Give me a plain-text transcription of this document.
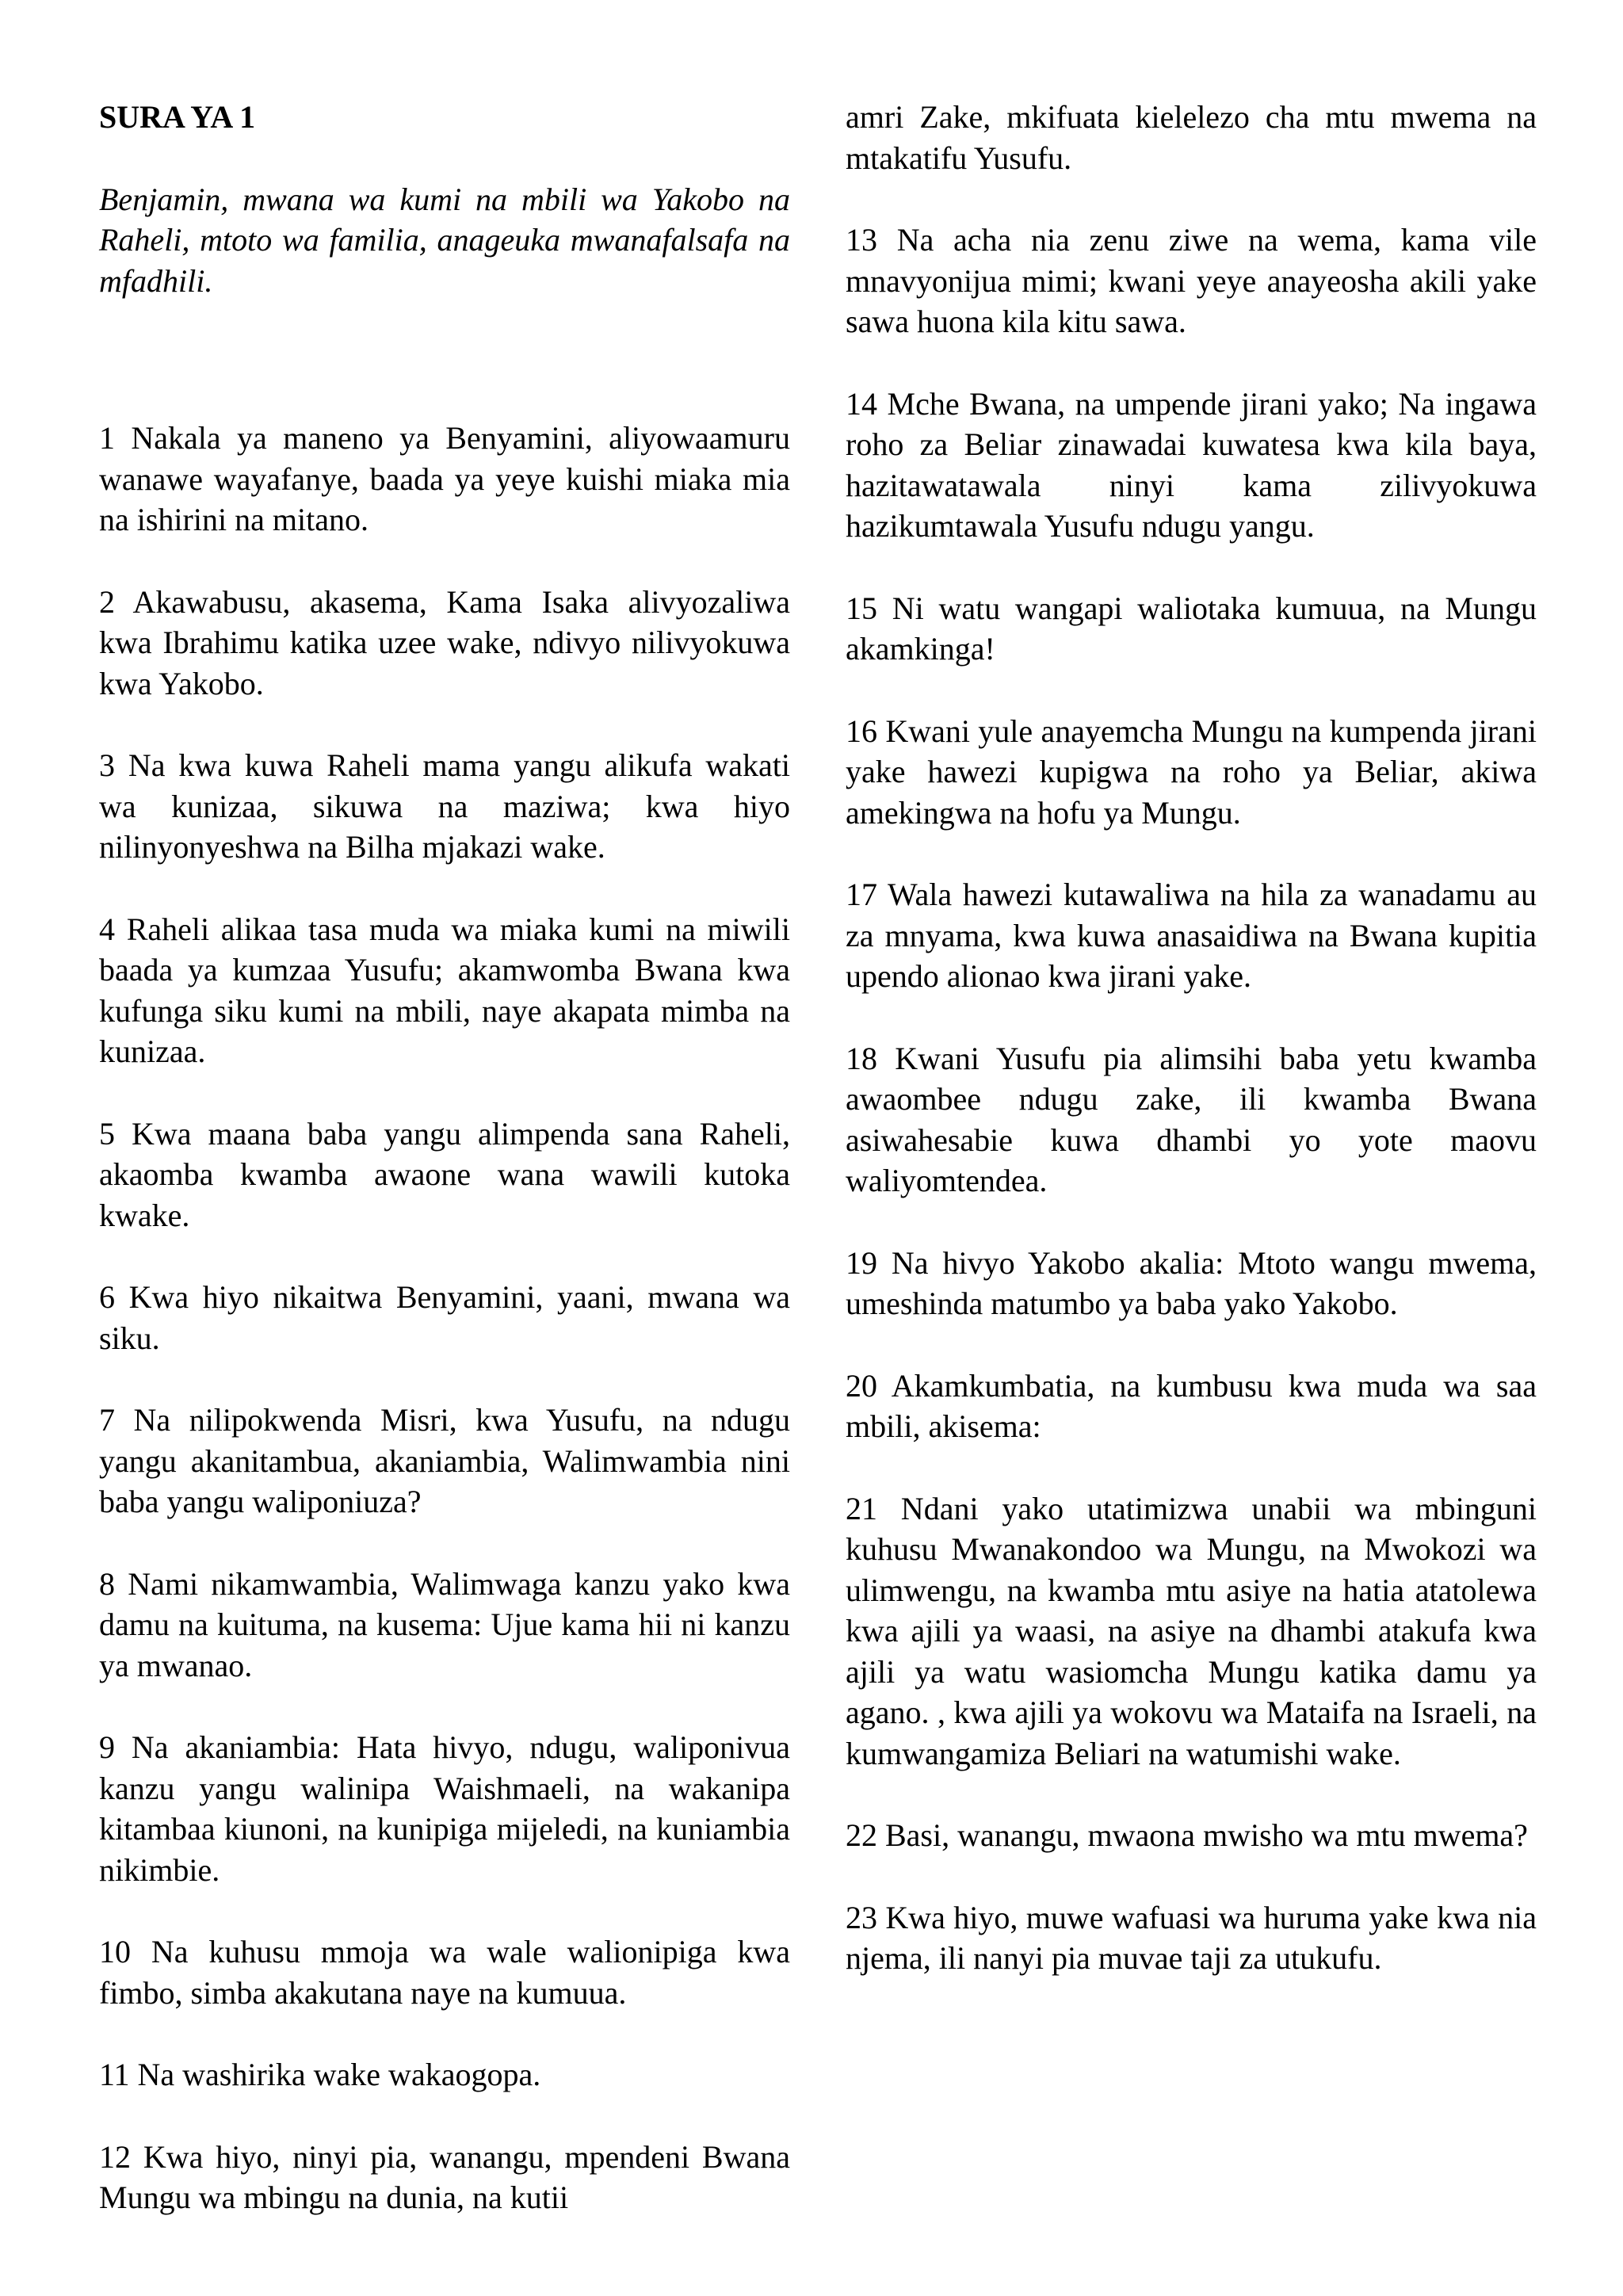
SURA YA 1

Benjamin, mwana wa kumi na mbili wa Yakobo na Raheli, mtoto wa familia, anageuka mwanafalsafa na mfadhili.

1 Nakala ya maneno ya Benyamini, aliyowaamuru wanawe wayafanye, baada ya yeye kuishi miaka mia na ishirini na mitano.

2 Akawabusu, akasema, Kama Isaka alivyozaliwa kwa Ibrahimu katika uzee wake, ndivyo nilivyokuwa kwa Yakobo.

3 Na kwa kuwa Raheli mama yangu alikufa wakati wa kunizaa, sikuwa na maziwa; kwa hiyo nilinyonyeshwa na Bilha mjakazi wake.

4 Raheli alikaa tasa muda wa miaka kumi na miwili baada ya kumzaa Yusufu; akamwomba Bwana kwa kufunga siku kumi na mbili, naye akapata mimba na kunizaa.

5 Kwa maana baba yangu alimpenda sana Raheli, akaomba kwamba awaone wana wawili kutoka kwake.

6 Kwa hiyo nikaitwa Benyamini, yaani, mwana wa siku.

7 Na nilipokwenda Misri, kwa Yusufu, na ndugu yangu akanitambua, akaniambia, Walimwambia nini baba yangu waliponiuza?

8 Nami nikamwambia, Walimwaga kanzu yako kwa damu na kuituma, na kusema: Ujue kama hii ni kanzu ya mwanao.

9 Na akaniambia: Hata hivyo, ndugu, waliponivua kanzu yangu walinipa Waishmaeli, na wakanipa kitambaa kiunoni, na kunipiga mijeledi, na kuniambia nikimbie.

10 Na kuhusu mmoja wa wale walionipiga kwa fimbo, simba akakutana naye na kumuua.

11 Na washirika wake wakaogopa.

12 Kwa hiyo, ninyi pia, wanangu, mpendeni Bwana Mungu wa mbingu na dunia, na kutii

amri Zake, mkifuata kielelezo cha mtu mwema na mtakatifu Yusufu.

13 Na acha nia zenu ziwe na wema, kama vile mnavyonijua mimi; kwani yeye anayeosha akili yake sawa huona kila kitu sawa.

14 Mche Bwana, na umpende jirani yako; Na ingawa roho za Beliar zinawadai kuwatesa kwa kila baya, hazitawatawala ninyi kama zilivyokuwa hazikumtawala Yusufu ndugu yangu.

15 Ni watu wangapi waliotaka kumuua, na Mungu akamkinga!

16 Kwani yule anayemcha Mungu na kumpenda jirani yake hawezi kupigwa na roho ya Beliar, akiwa amekingwa na hofu ya Mungu.

17 Wala hawezi kutawaliwa na hila za wanadamu au za mnyama, kwa kuwa anasaidiwa na Bwana kupitia upendo alionao kwa jirani yake.

18 Kwani Yusufu pia alimsihi baba yetu kwamba awaombee ndugu zake, ili kwamba Bwana asiwahesabie kuwa dhambi yo yote maovu waliyomtendea.

19 Na hivyo Yakobo akalia: Mtoto wangu mwema, umeshinda matumbo ya baba yako Yakobo.

20 Akamkumbatia, na kumbusu kwa muda wa saa mbili, akisema:

21 Ndani yako utatimizwa unabii wa mbinguni kuhusu Mwanakondoo wa Mungu, na Mwokozi wa ulimwengu, na kwamba mtu asiye na hatia atatolewa kwa ajili ya waasi, na asiye na dhambi atakufa kwa ajili ya watu wasiomcha Mungu katika damu ya agano. , kwa ajili ya wokovu wa Mataifa na Israeli, na kumwangamiza Beliari na watumishi wake.

22 Basi, wanangu, mwaona mwisho wa mtu mwema?

23 Kwa hiyo, muwe wafuasi wa huruma yake kwa nia njema, ili nanyi pia muvae taji za utukufu.
